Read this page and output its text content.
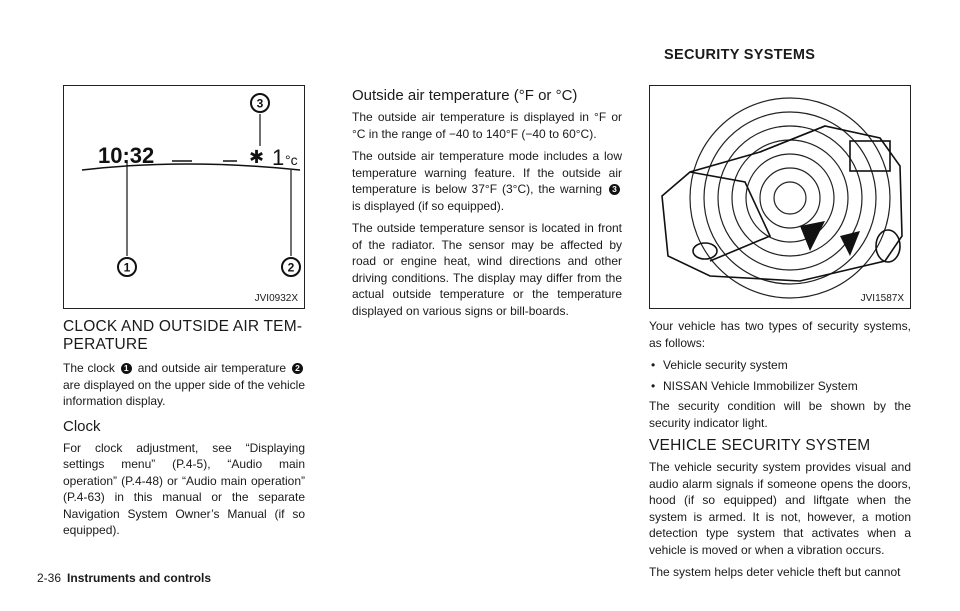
SECURITY SYSTEMS
10:32	✱ 1 °c
3
1	2
JVI0932X
CLOCK AND OUTSIDE AIR TEM-PERATURE

The clock 1 and outside air temperature 2 are displayed on the upper side of the vehicle information display.

Clock

For clock adjustment, see “Displaying settings menu” (P.4-5), “Audio main operation” (P.4-48) or “Audio main operation” (P.4-63) in this manual or the separate Navigation System Owner’s Manual (if so equipped).

Outside air temperature (°F or °C)

The outside air temperature is displayed in °F or °C in the range of −40 to 140°F (−40 to 60°C).

The outside air temperature mode includes a low temperature warning feature. If the outside air temperature is below 37°F (3°C), the warning 3 is displayed (if so equipped).

The outside temperature sensor is located in front of the radiator. The sensor may be affected by road or engine heat, wind directions and other driving conditions. The display may differ from the actual outside temperature or the temperature displayed on various signs or bill-boards.

JVI1587X

Your vehicle has two types of security systems, as follows:

• Vehicle security system
• NISSAN Vehicle Immobilizer System

The security condition will be shown by the security indicator light.

VEHICLE SECURITY SYSTEM

The vehicle security system provides visual and audio alarm signals if someone opens the doors, hood (if so equipped) and liftgate when the system is armed. It is not, however, a motion detection type system that activates when a vehicle is moved or when a vibration occurs.

The system helps deter vehicle theft but cannot

2-36 Instruments and controls
